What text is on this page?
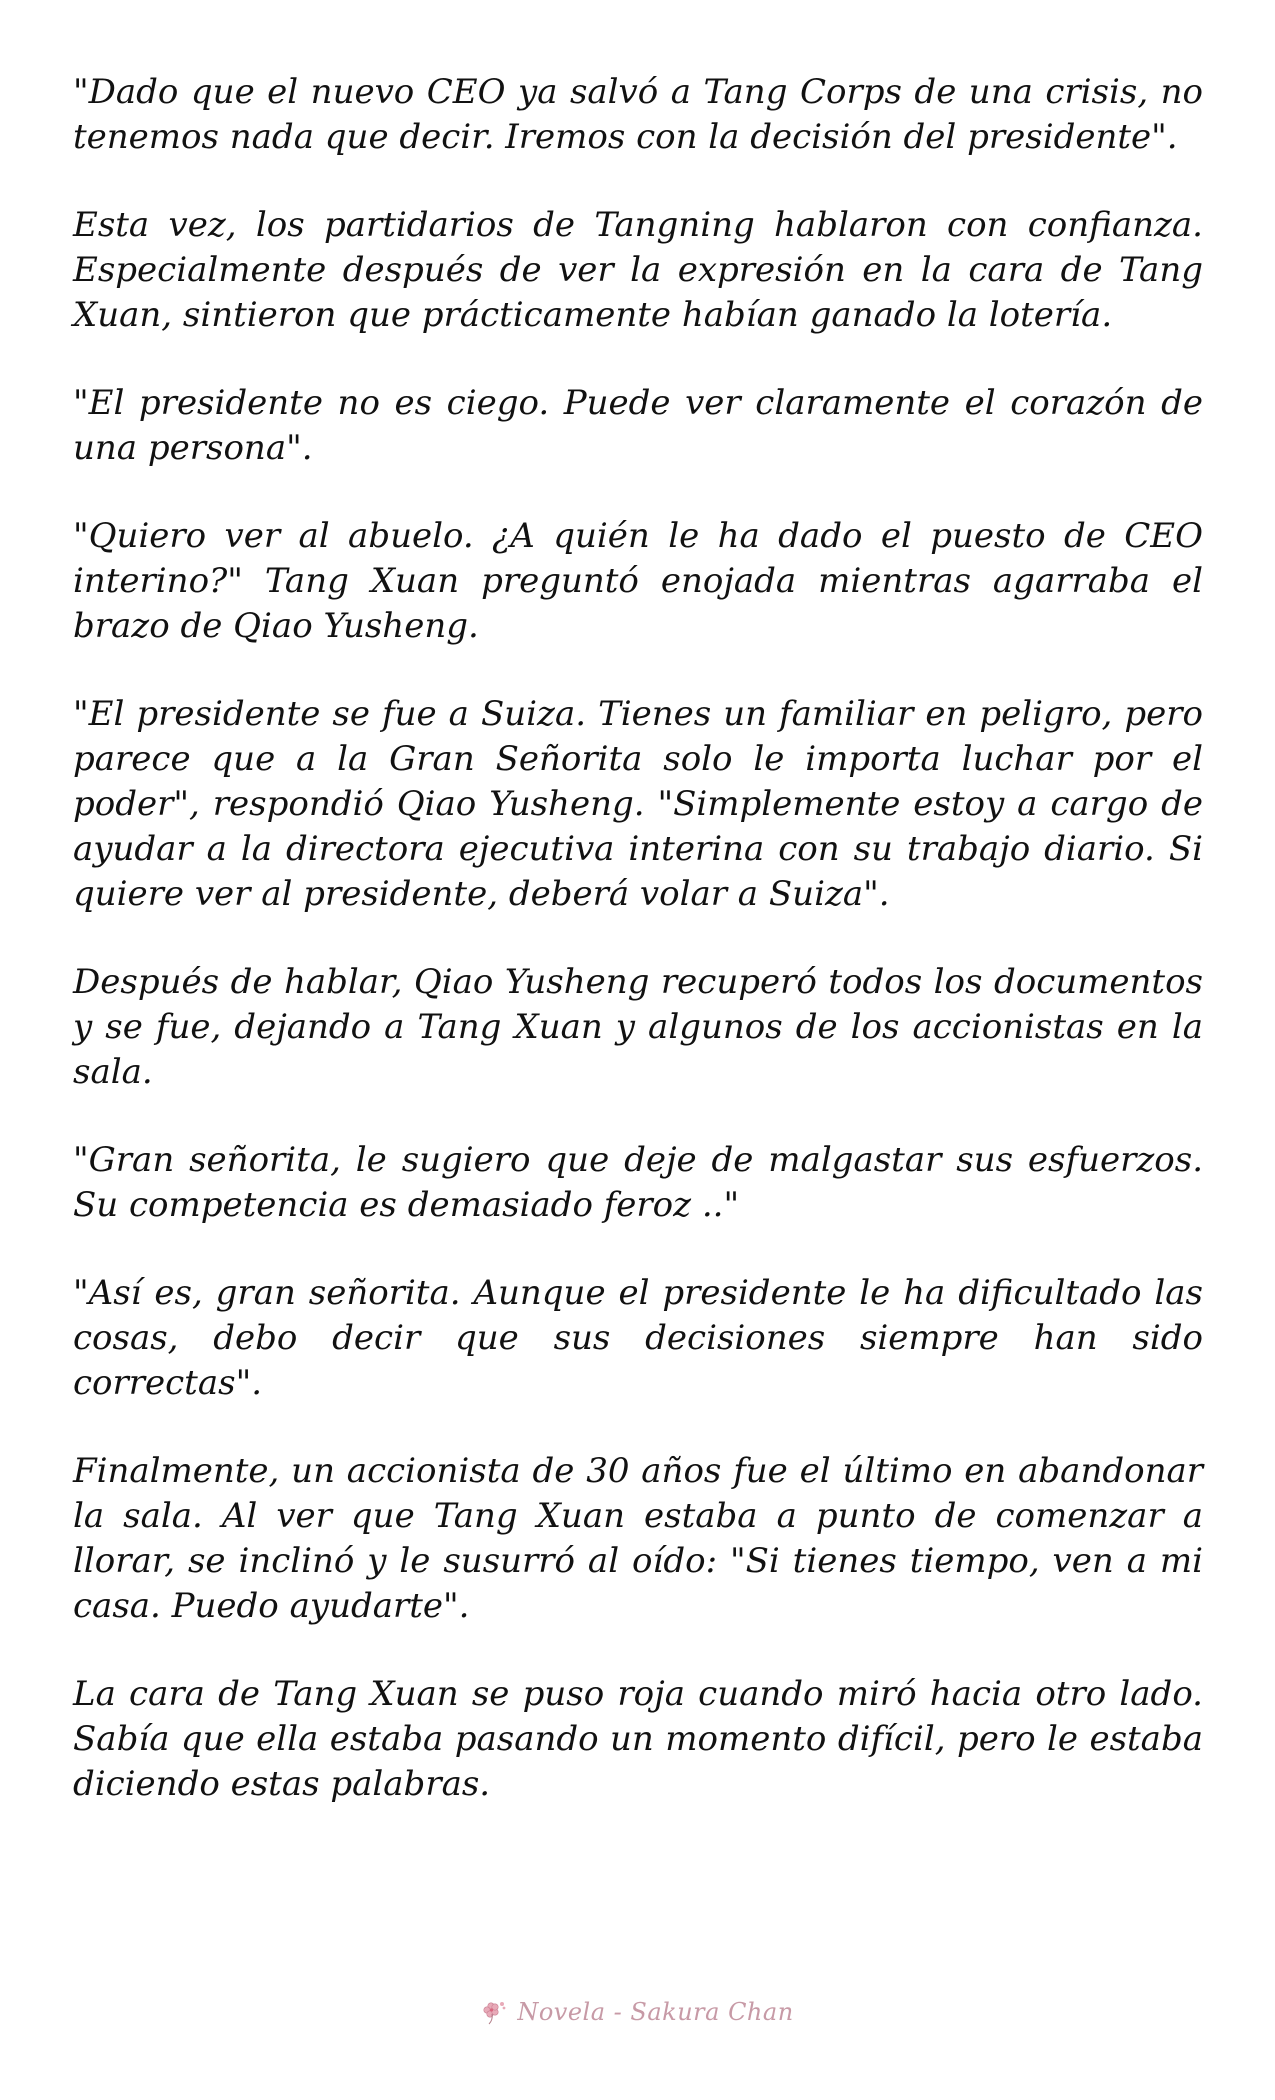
"Dado que el nuevo CEO ya salvó a Tang Corps de una crisis, no tenemos nada que decir. Iremos con la decisión del presidente".

Esta vez, los partidarios de Tangning hablaron con confianza. Especialmente después de ver la expresión en la cara de Tang Xuan, sintieron que prácticamente habían ganado la lotería.

"El presidente no es ciego. Puede ver claramente el corazón de una persona".

"Quiero ver al abuelo. ¿A quién le ha dado el puesto de CEO interino?" Tang Xuan preguntó enojada mientras agarraba el brazo de Qiao Yusheng.

"El presidente se fue a Suiza. Tienes un familiar en peligro, pero parece que a la Gran Señorita solo le importa luchar por el poder", respondió Qiao Yusheng. "Simplemente estoy a cargo de ayudar a la directora ejecutiva interina con su trabajo diario. Si quiere ver al presidente, deberá volar a Suiza".

Después de hablar, Qiao Yusheng recuperó todos los documentos y se fue, dejando a Tang Xuan y algunos de los accionistas en la sala.

"Gran señorita, le sugiero que deje de malgastar sus esfuerzos. Su competencia es demasiado feroz .."

"Así es, gran señorita. Aunque el presidente le ha dificultado las cosas, debo decir que sus decisiones siempre han sido correctas".

Finalmente, un accionista de 30 años fue el último en abandonar la sala. Al ver que Tang Xuan estaba a punto de comenzar a llorar, se inclinó y le susurró al oído: "Si tienes tiempo, ven a mi casa. Puedo ayudarte".

La cara de Tang Xuan se puso roja cuando miró hacia otro lado. Sabía que ella estaba pasando un momento difícil, pero le estaba diciendo estas palabras.

Novela - Sakura Chan
